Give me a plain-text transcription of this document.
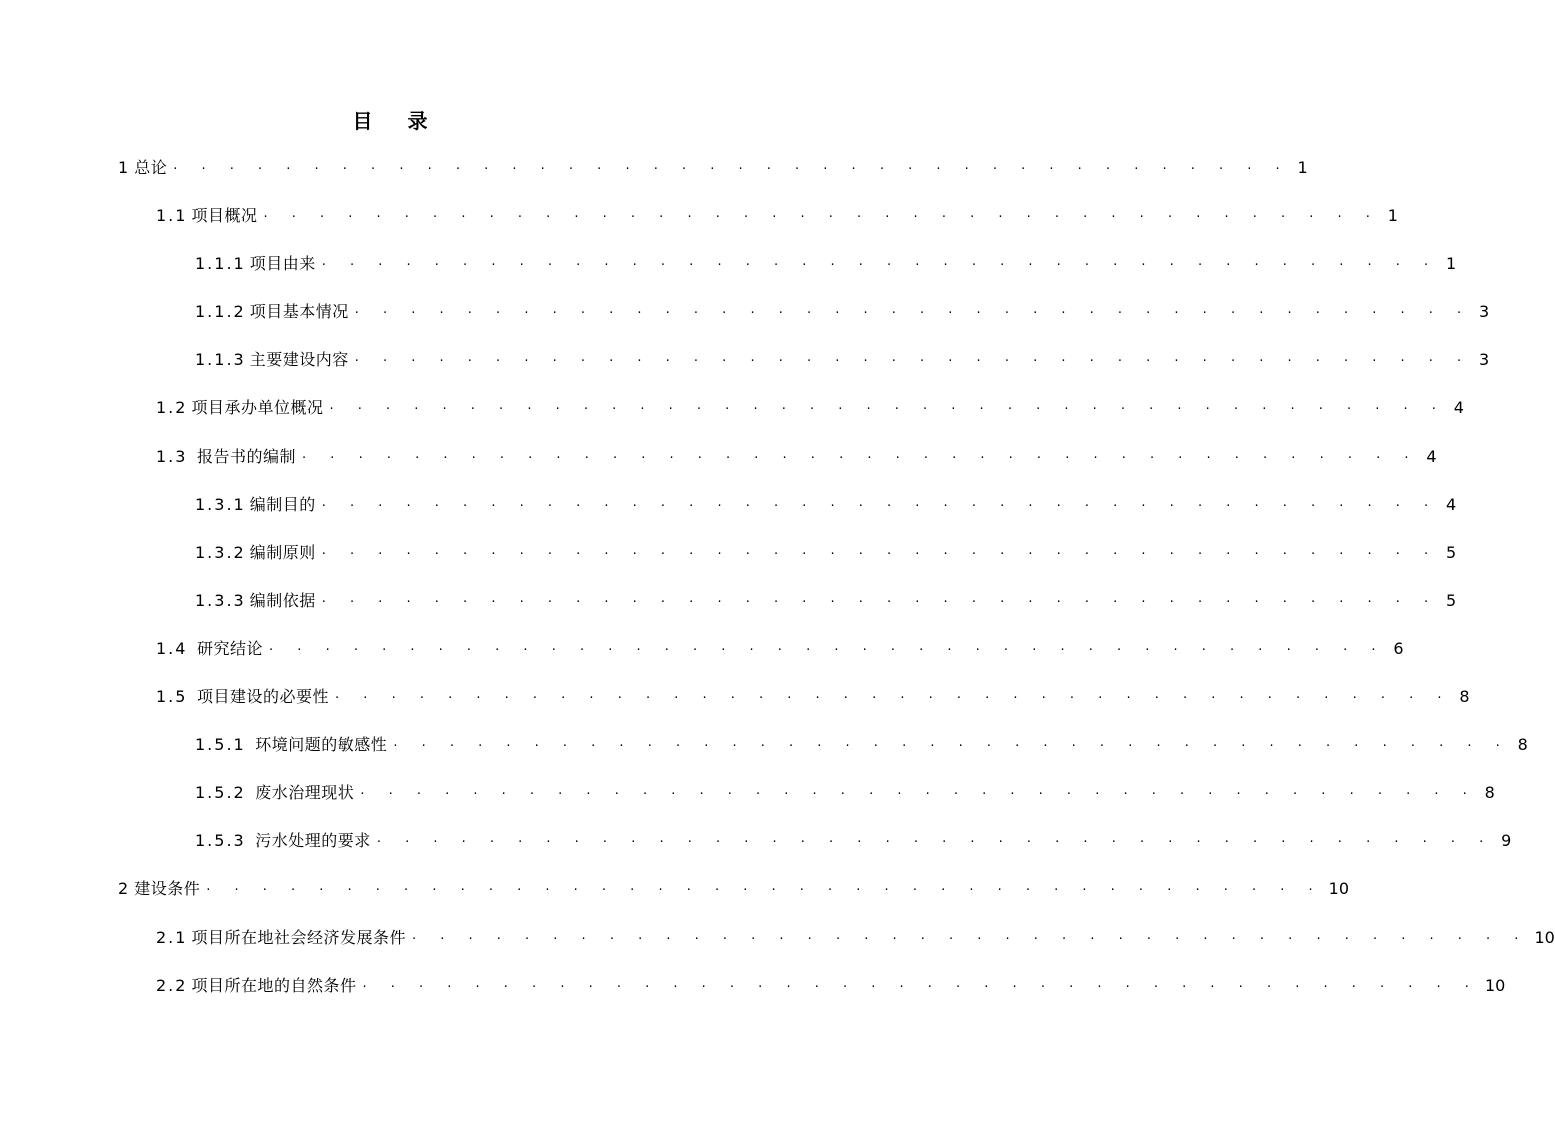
目 录
1 总论 · · · · · · · · · · · · · · · · · · · · · · · · · · · · · · · · · · · · · · · · 1
1.1 项目概况 · · · · · · · · · · · · · · · · · · · · · · · · · · · · · · · · · · · · · · · · 1
1.1.1 项目由来 · · · · · · · · · · · · · · · · · · · · · · · · · · · · · · · · · · · · · · · · 1
1.1.2 项目基本情况 · · · · · · · · · · · · · · · · · · · · · · · · · · · · · · · · · · · · · · · · 3
1.1.3 主要建设内容 · · · · · · · · · · · · · · · · · · · · · · · · · · · · · · · · · · · · · · · · 3
1.2 项目承办单位概况 · · · · · · · · · · · · · · · · · · · · · · · · · · · · · · · · · · · · · · · · 4
1.3 报告书的编制 · · · · · · · · · · · · · · · · · · · · · · · · · · · · · · · · · · · · · · · · 4
1.3.1 编制目的 · · · · · · · · · · · · · · · · · · · · · · · · · · · · · · · · · · · · · · · · 4
1.3.2 编制原则 · · · · · · · · · · · · · · · · · · · · · · · · · · · · · · · · · · · · · · · · 5
1.3.3 编制依据 · · · · · · · · · · · · · · · · · · · · · · · · · · · · · · · · · · · · · · · · 5
1.4 研究结论 · · · · · · · · · · · · · · · · · · · · · · · · · · · · · · · · · · · · · · · · 6
1.5 项目建设的必要性 · · · · · · · · · · · · · · · · · · · · · · · · · · · · · · · · · · · · · · · · 8
1.5.1 环境问题的敏感性 · · · · · · · · · · · · · · · · · · · · · · · · · · · · · · · · · · · · · · · · 8
1.5.2 废水治理现状 · · · · · · · · · · · · · · · · · · · · · · · · · · · · · · · · · · · · · · · · 8
1.5.3 污水处理的要求 · · · · · · · · · · · · · · · · · · · · · · · · · · · · · · · · · · · · · · · · 9
2 建设条件 · · · · · · · · · · · · · · · · · · · · · · · · · · · · · · · · · · · · · · · · 10
2.1 项目所在地社会经济发展条件 · · · · · · · · · · · · · · · · · · · · · · · · · · · · · · · · · · · · · · · · 10
2.2 项目所在地的自然条件 · · · · · · · · · · · · · · · · · · · · · · · · · · · · · · · · · · · · · · · · 10
